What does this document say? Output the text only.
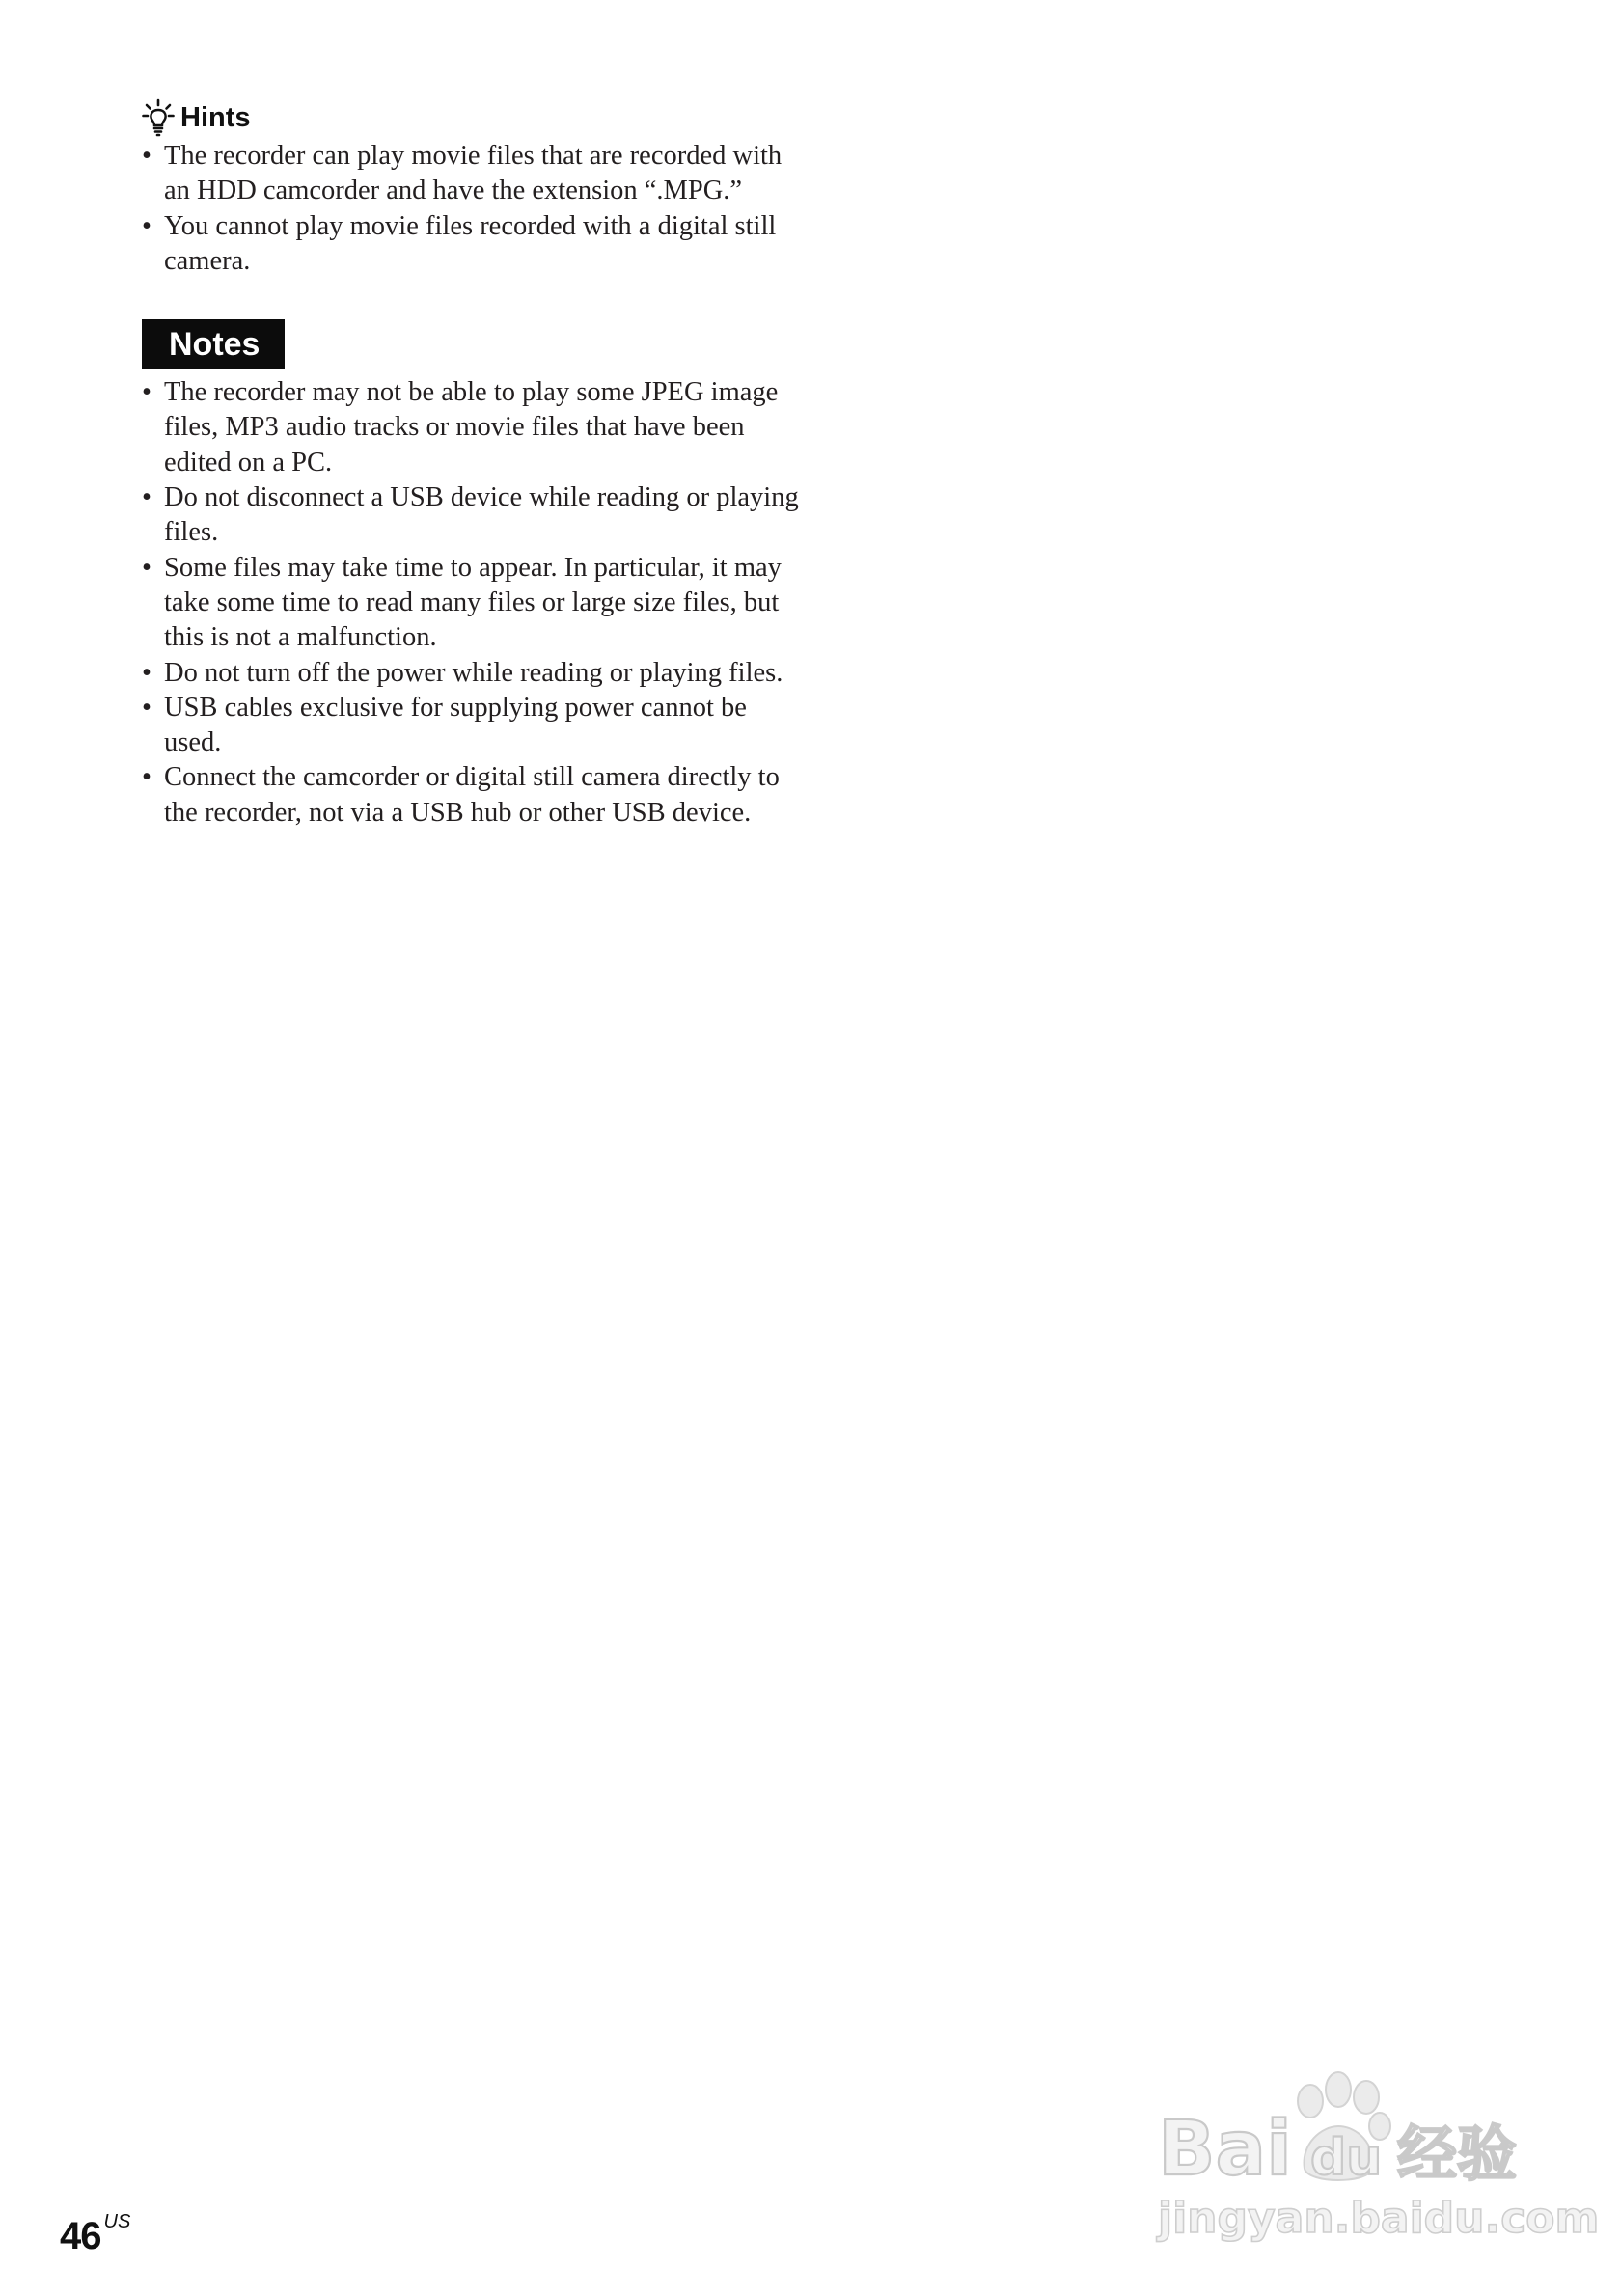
Hints
• The recorder can play movie files that are recorded with an HDD camcorder and have the extension “.MPG.”
• You cannot play movie files recorded with a digital still camera.
Notes
• The recorder may not be able to play some JPEG image files, MP3 audio tracks or movie files that have been edited on a PC.
• Do not disconnect a USB device while reading or playing files.
• Some files may take time to appear. In particular, it may take some time to read many files or large size files, but this is not a malfunction.
• Do not turn off the power while reading or playing files.
• USB cables exclusive for supplying power cannot be used.
• Connect the camcorder or digital still camera directly to the recorder, not via a USB hub or other USB device.
46 $^{US}$
Bai du 经验
jingyan.baidu.com
